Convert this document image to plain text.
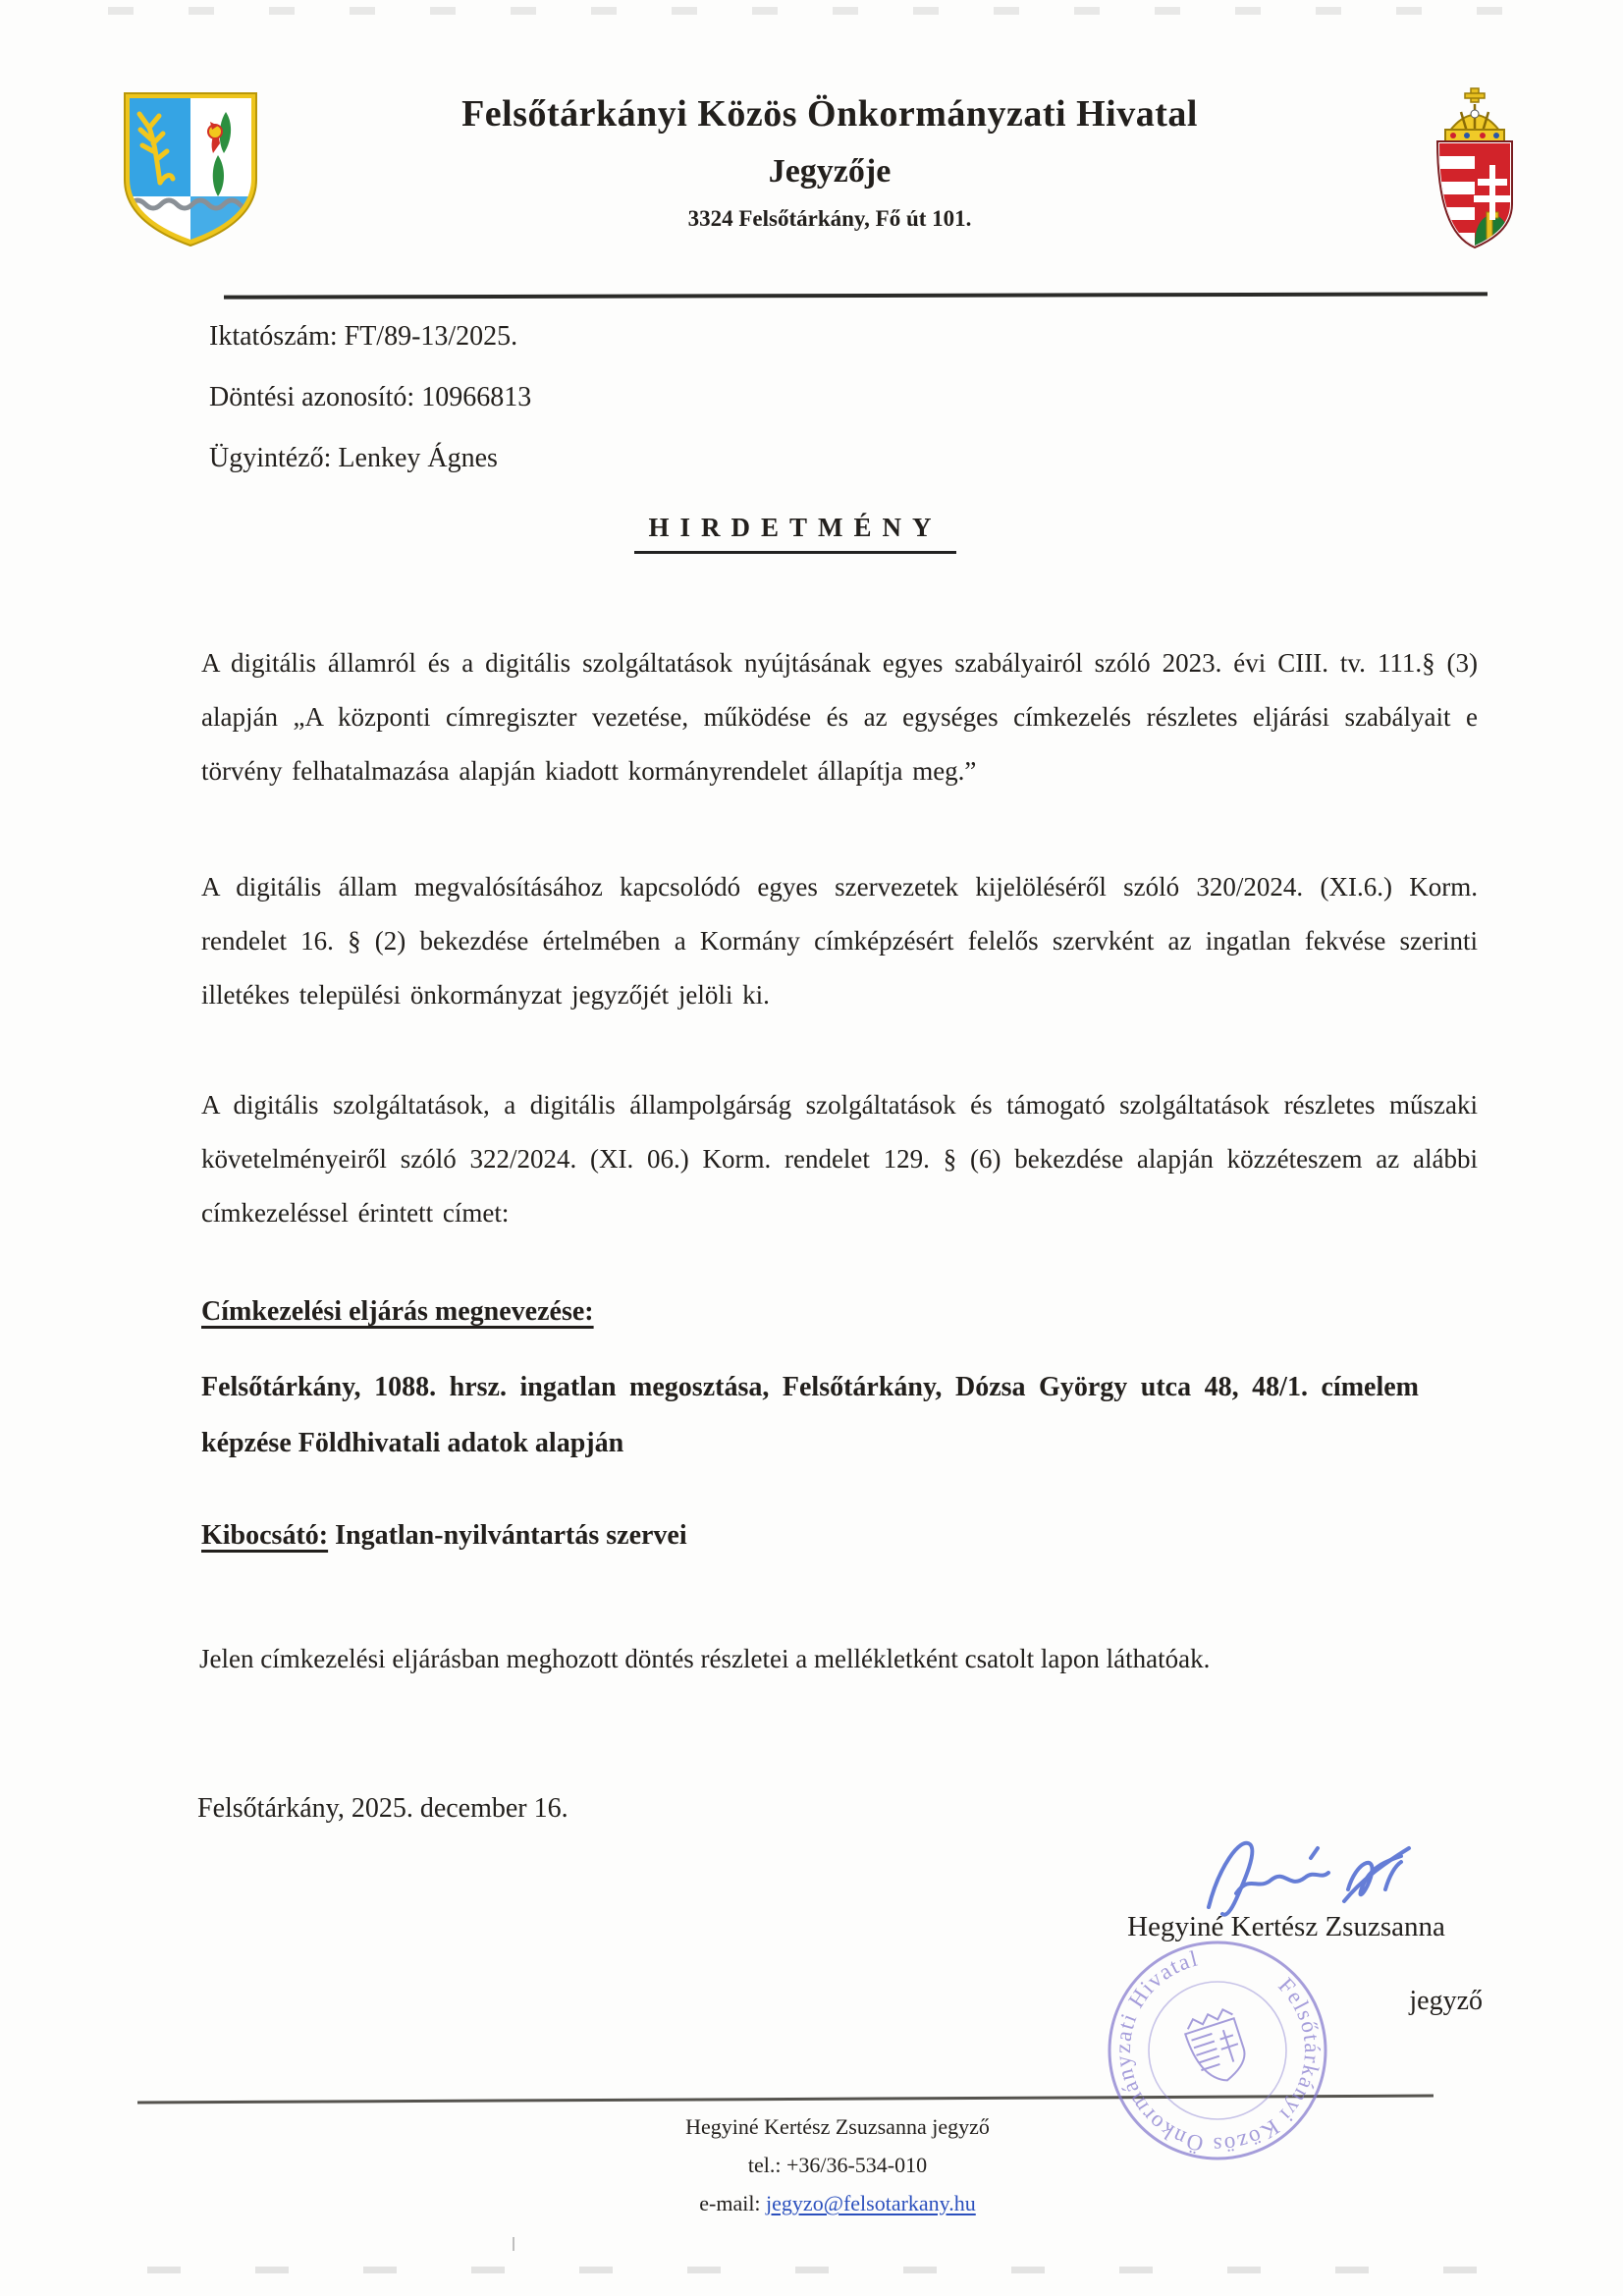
Felsőtárkányi Közös Önkormányzati Hivatal
Jegyzője
3324 Felsőtárkány, Fő út 101.
Iktatószám: FT/89-13/2025.
Döntési azonosító: 10966813
Ügyintéző: Lenkey Ágnes
HIRDETMÉNY

A digitális államról és a digitális szolgáltatások nyújtásának egyes szabályairól szóló 2023. évi CIII. tv. 111.§ (3) alapján „A központi címregiszter vezetése, működése és az egységes címkezelés részletes eljárási szabályait e törvény felhatalmazása alapján kiadott kormányrendelet állapítja meg.”

A digitális állam megvalósításához kapcsolódó egyes szervezetek kijelöléséről szóló 320/2024. (XI.6.) Korm. rendelet 16. § (2) bekezdése értelmében a Kormány címképzésért felelős szervként az ingatlan fekvése szerinti illetékes települési önkormányzat jegyzőjét jelöli ki.

A digitális szolgáltatások, a digitális állampolgárság szolgáltatások és támogató szolgáltatások részletes műszaki követelményeiről szóló 322/2024. (XI. 06.) Korm. rendelet 129. § (6) bekezdése alapján közzéteszem az alábbi címkezeléssel érintett címet:

Címkezelési eljárás megnevezése:

Felsőtárkány, 1088. hrsz. ingatlan megosztása, Felsőtárkány, Dózsa György utca 48, 48/1. címelem képzése Földhivatali adatok alapján

Kibocsátó: Ingatlan-nyilvántartás szervei

Jelen címkezelési eljárásban meghozott döntés részletei a mellékletként csatolt lapon láthatóak.

Felsőtárkány, 2025. december 16.

Hegyiné Kertész Zsuzsanna
jegyző
Felsőtárkányi Közös Önkormányzati Hivatal
Hegyiné Kertész Zsuzsanna jegyző
tel.: +36/36-534-010
e-mail: jegyzo@felsotarkany.hu
